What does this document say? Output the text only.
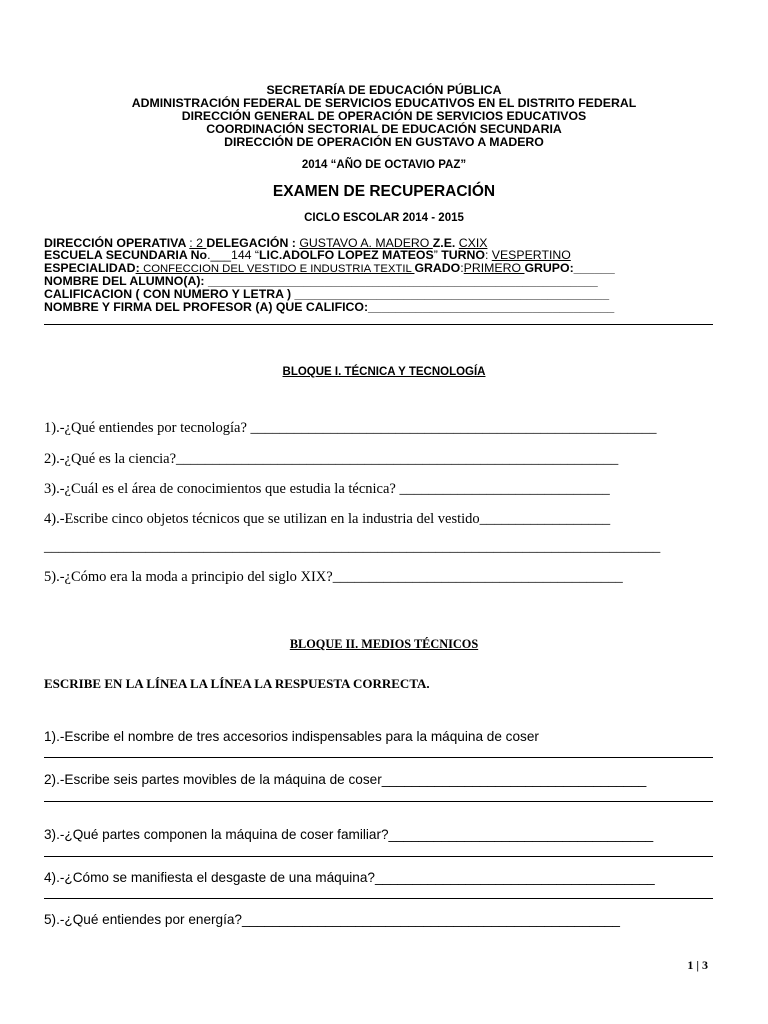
SECRETARÍA DE EDUCACIÓN PÚBLICA
ADMINISTRACIÓN FEDERAL DE SERVICIOS EDUCATIVOS EN EL DISTRITO FEDERAL
DIRECCIÓN GENERAL DE OPERACIÓN DE SERVICIOS EDUCATIVOS
COORDINACIÓN SECTORIAL DE EDUCACIÓN SECUNDARIA
DIRECCIÓN DE OPERACIÓN EN GUSTAVO A MADERO
2014 “AÑO DE OCTAVIO PAZ”
EXAMEN DE RECUPERACIÓN
CICLO ESCOLAR 2014 - 2015
DIRECCIÓN OPERATIVA : 2 DELEGACIÓN : GUSTAVO A. MADERO Z.E. CXIX
ESCUELA SECUNDARIA No.___144 “LIC.ADOLFO LOPEZ MATEOS” TURNO: VESPERTINO
ESPECIALIDAD: CONFECCION DEL VESTIDO E INDUSTRIA TEXTIL GRADO:PRIMERO GRUPO:______
NOMBRE DEL ALUMNO(A): _________________________________________________________
CALIFICACION ( CON NUMERO Y LETRA ) ______________________________________________
NOMBRE Y FIRMA DEL PROFESOR (A) QUE CALIFICO:____________________________________
BLOQUE I. TÉCNICA Y TECNOLOGÍA
1).-¿Qué entiendes por tecnología? ________________________________________________________
2).-¿Qué es la ciencia?_____________________________________________________________
3).-¿Cuál es el área de conocimientos que estudia la técnica? _____________________________
4).-Escribe cinco objetos técnicos que se utilizan en la industria del vestido__________________
_____________________________________________________________________________________
5).-¿Cómo era la moda a principio del siglo XIX?________________________________________
BLOQUE II. MEDIOS TÉCNICOS
ESCRIBE EN LA LÍNEA LA LÍNEA LA RESPUESTA CORRECTA.
1).-Escribe el nombre de tres accesorios indispensables para la máquina de coser
2).-Escribe seis partes movibles de la máquina de coser___________________________________
3).-¿Qué partes componen la máquina de coser familiar?___________________________________
4).-¿Cómo se manifiesta el desgaste de una máquina?_____________________________________
5).-¿Qué entiendes por energía?__________________________________________________
1 | 3
